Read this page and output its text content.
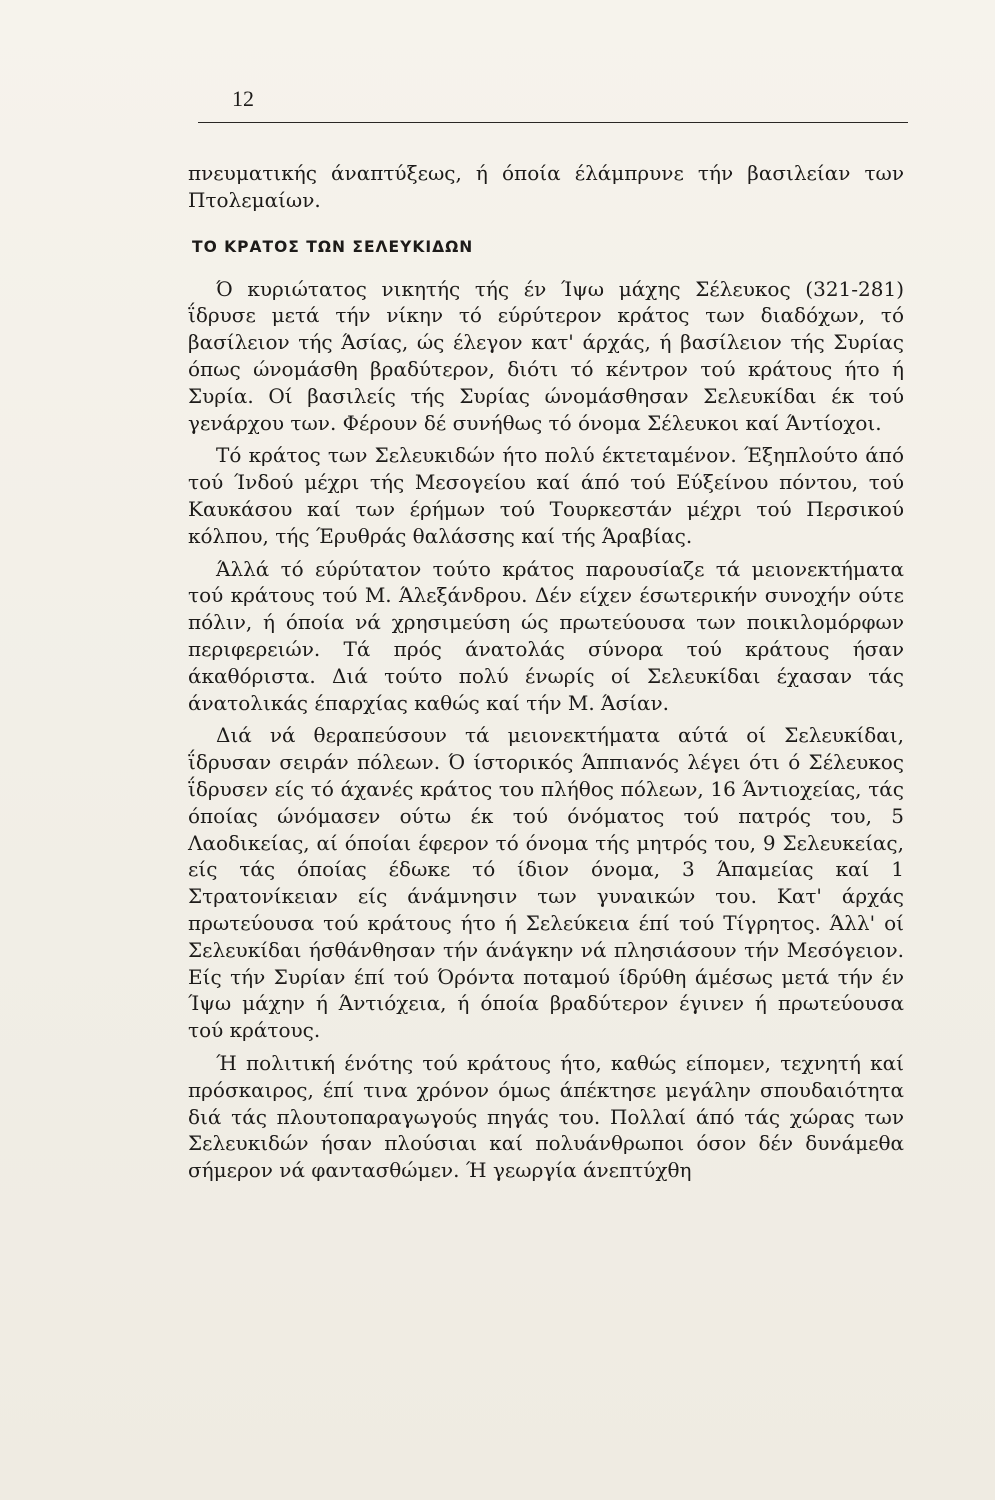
12

πνευματικής άναπτύξεως, ή όποία έλάμπρυνε τήν βασιλείαν των Πτολεμαίων.

ΤΟ ΚΡΑΤΟΣ ΤΩΝ ΣΕΛΕΥΚΙΔΩΝ

Ό κυριώτατος νικητής τής έν Ίψω μάχης Σέλευκος (321-281) ΐδρυσε μετά τήν νίκην τό εύρύτερον κράτος των διαδόχων, τό βασίλειον τής Άσίας, ώς έλεγον κατ' άρχάς, ή βασίλειον τής Συρίας όπως ώνομάσθη βραδύτερον, διότι τό κέντρον τού κράτους ήτο ή Συρία. Οί βασιλείς τής Συρίας ώνομάσθησαν Σελευκίδαι έκ τού γενάρχου των. Φέρουν δέ συνήθως τό όνομα Σέλευκοι καί Άντίοχοι.

Τό κράτος των Σελευκιδών ήτο πολύ έκτεταμένον. Έξηπλούτο άπό τού Ίνδού μέχρι τής Μεσογείου καί άπό τού Εύξείνου πόντου, τού Καυκάσου καί των έρήμων τού Τουρκεστάν μέχρι τού Περσικού κόλπου, τής Έρυθράς θαλάσσης καί τής Άραβίας.

Άλλά τό εύρύτατον τούτο κράτος παρουσίαζε τά μειονεκτήματα τού κράτους τού Μ. Άλεξάνδρου. Δέν είχεν έσωτερικήν συνοχήν ούτε πόλιν, ή όποία νά χρησιμεύση ώς πρωτεύουσα των ποικιλομόρφων περιφερειών. Τά πρός άνατολάς σύνορα τού κράτους ήσαν άκαθόριστα. Διά τούτο πολύ ένωρίς οί Σελευκίδαι έχασαν τάς άνατολικάς έπαρχίας καθώς καί τήν Μ. Άσίαν.

Διά νά θεραπεύσουν τά μειονεκτήματα αύτά οί Σελευκίδαι, ΐδρυσαν σειράν πόλεων. Ό ίστορικός Άππιανός λέγει ότι ό Σέλευκος ΐδρυσεν είς τό άχανές κράτος του πλήθος πόλεων, 16 Άντιοχείας, τάς όποίας ώνόμασεν ούτω έκ τού όνόματος τού πατρός του, 5 Λαοδικείας, αί όποίαι έφερον τό όνομα τής μητρός του, 9 Σελευκείας, είς τάς όποίας έδωκε τό ίδιον όνομα, 3 Άπαμείας καί 1 Στρατονίκειαν είς άνάμνησιν των γυναικών του. Κατ' άρχάς πρωτεύουσα τού κράτους ήτο ή Σελεύκεια έπί τού Τίγρητος. Άλλ' οί Σελευκίδαι ήσθάνθησαν τήν άνάγκην νά πλησιάσουν τήν Μεσόγειον. Είς τήν Συρίαν έπί τού Όρόντα ποταμού ίδρύθη άμέσως μετά τήν έν Ίψω μάχην ή Άντιόχεια, ή όποία βραδύτερον έγινεν ή πρωτεύουσα τού κράτους.

Ή πολιτική ένότης τού κράτους ήτο, καθώς είπομεν, τεχνητή καί πρόσκαιρος, έπί τινα χρόνον όμως άπέκτησε μεγάλην σπουδαιότητα διά τάς πλουτοπαραγωγούς πηγάς του. Πολλαί άπό τάς χώρας των Σελευκιδών ήσαν πλούσιαι καί πολυάνθρωποι όσον δέν δυνάμεθα σήμερον νά φαντασθώμεν. Ή γεωργία άνεπτύχθη
